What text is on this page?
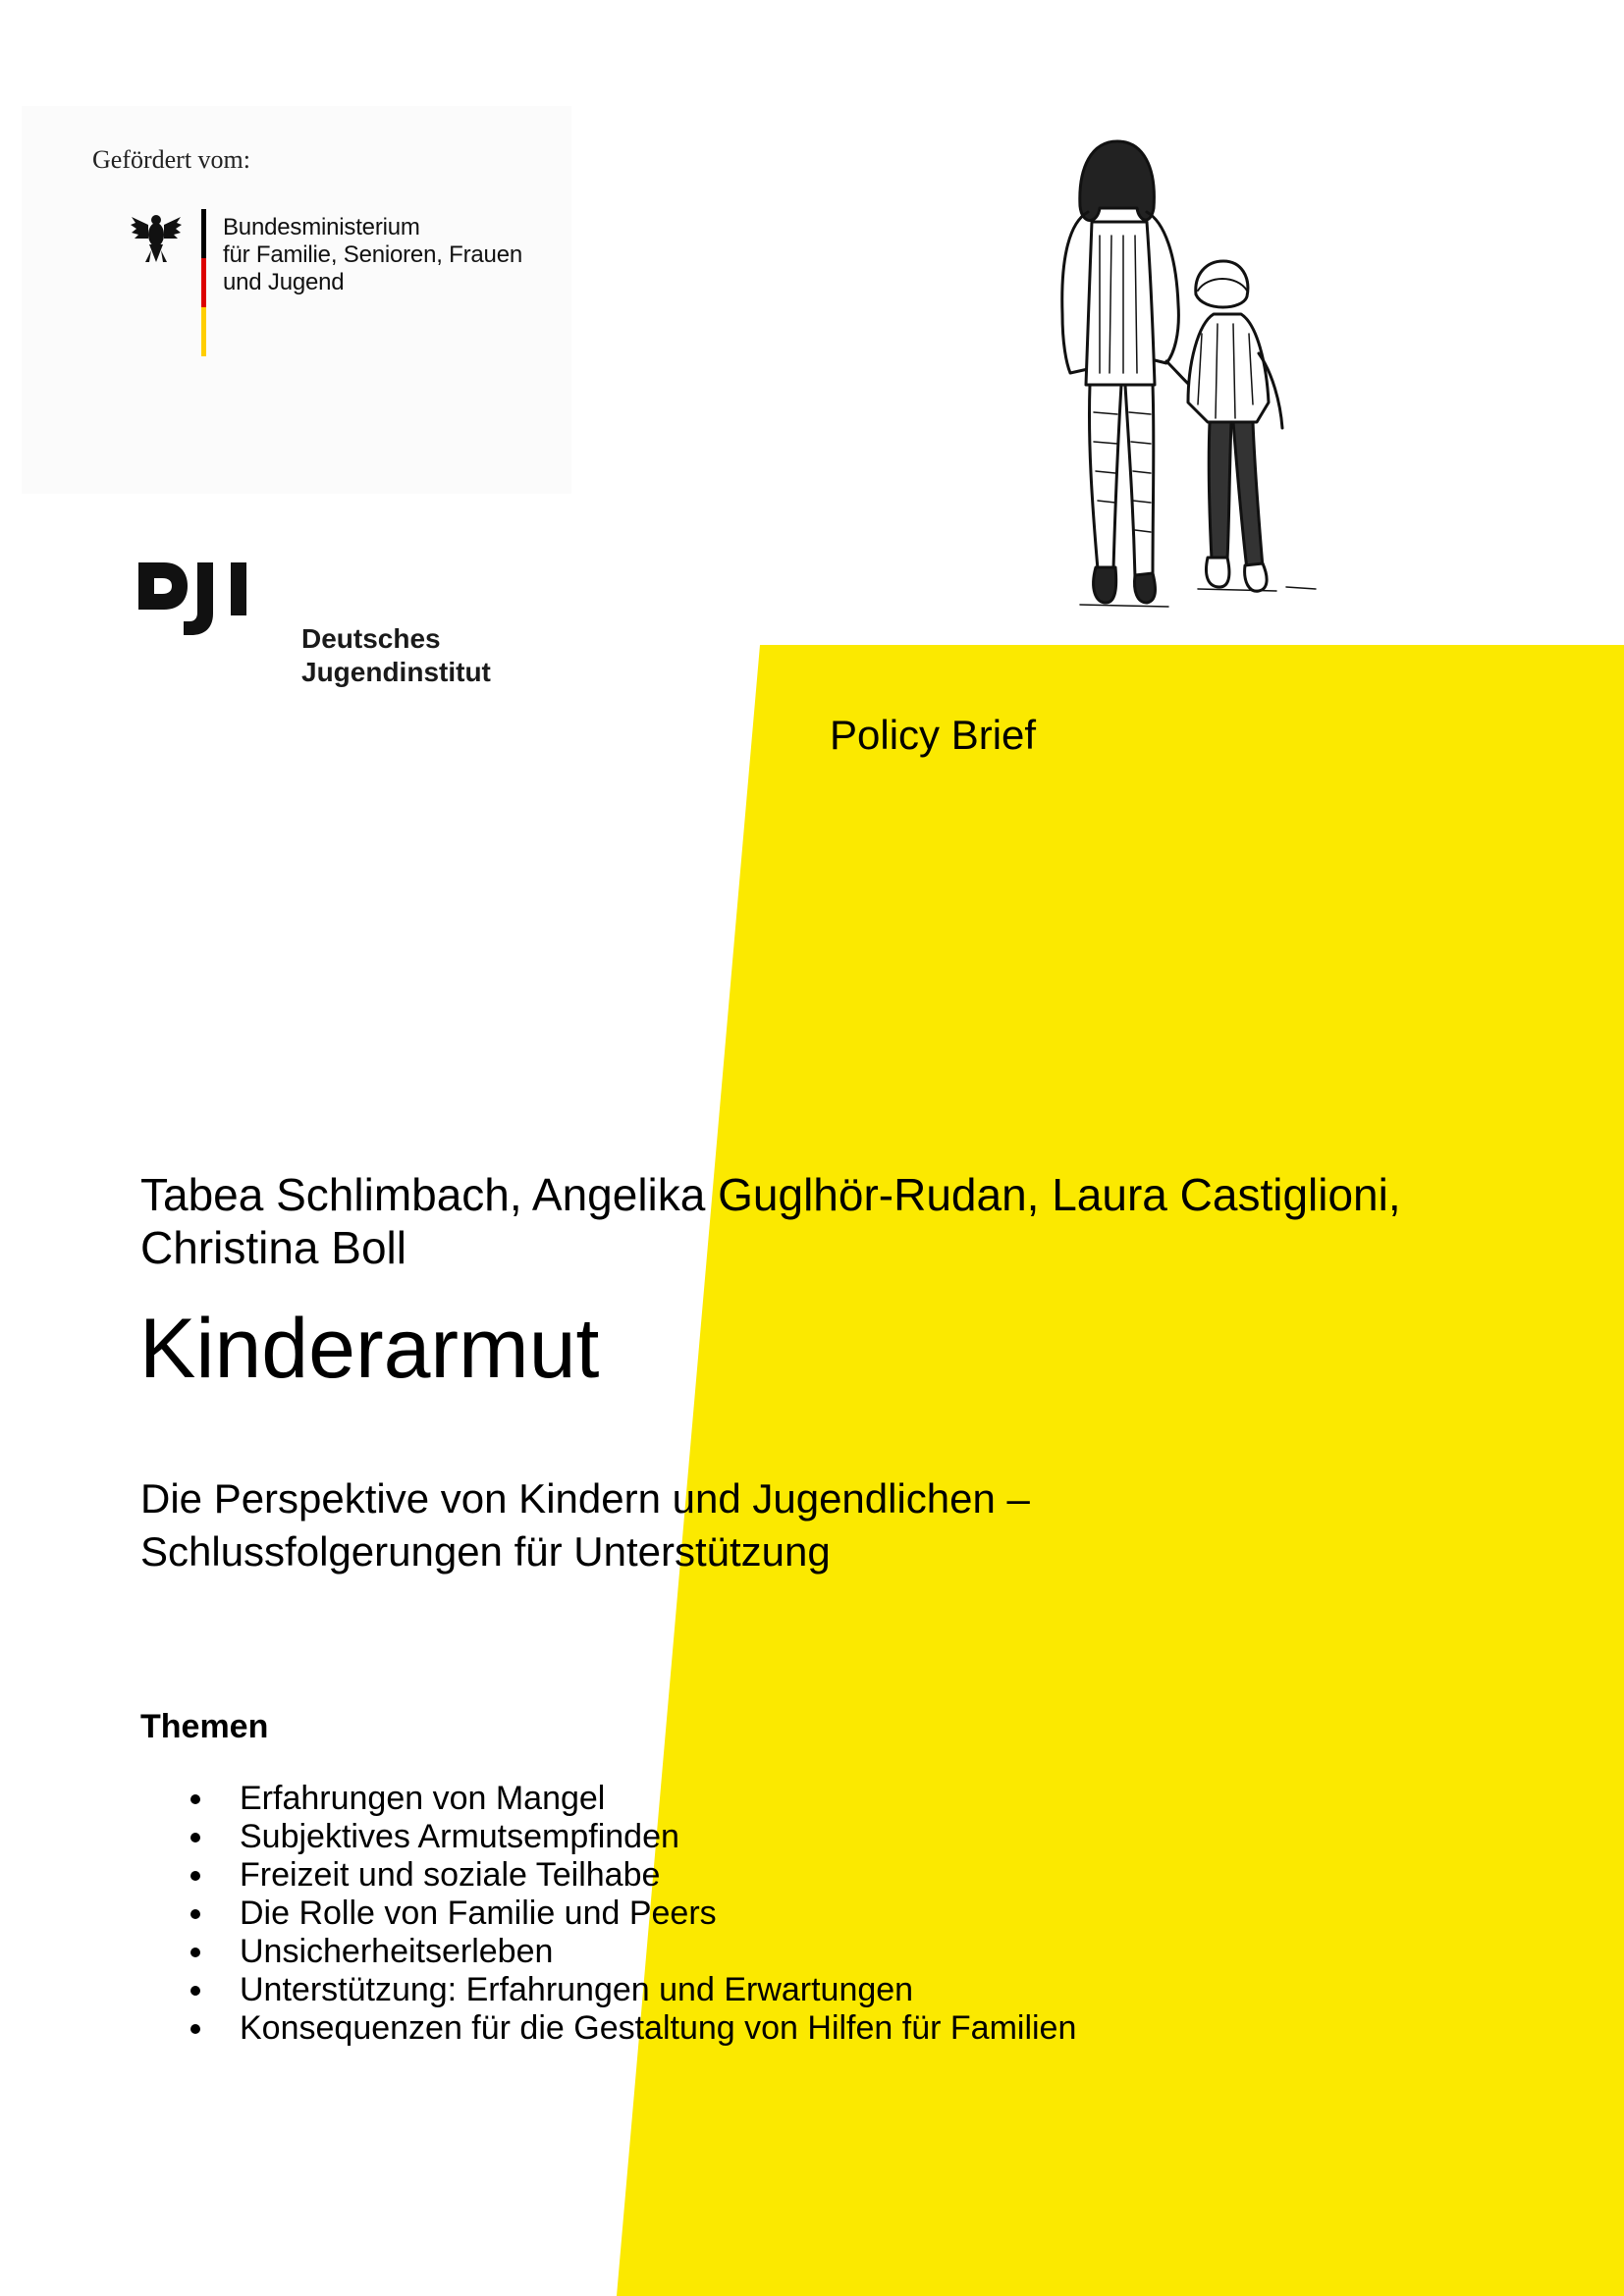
Gefördert vom:
Bundesministerium
für Familie, Senioren, Frauen
und Jugend
Deutsches
Jugendinstitut
Policy Brief
Tabea Schlimbach, Angelika Guglhör-Rudan, Laura Castiglioni,
Christina Boll
Kinderarmut
Die Perspektive von Kindern und Jugendlichen –
Schlussfolgerungen für Unterstützung
Themen
Erfahrungen von Mangel
Subjektives Armutsempfinden
Freizeit und soziale Teilhabe
Die Rolle von Familie und Peers
Unsicherheitserleben
Unterstützung: Erfahrungen und Erwartungen
Konsequenzen für die Gestaltung von Hilfen für Familien
